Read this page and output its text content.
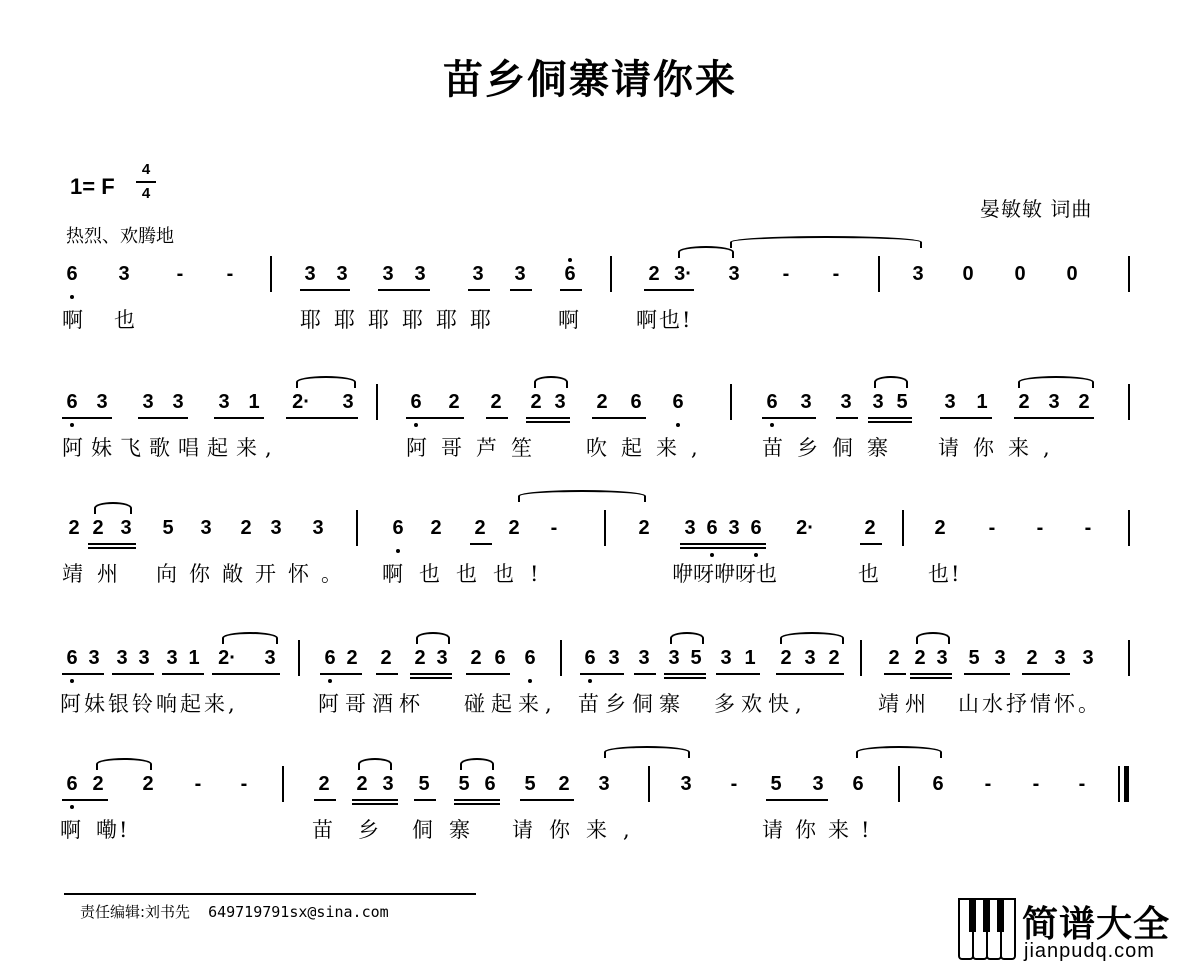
苗乡侗寨请你来
1= F
4
4
热烈、欢腾地
晏敏敏 词曲
6 3	-	-	3 3 3 3 3 3 6	2 3·	3	-	-	3 0 0 0
啊 也	耶耶耶耶耶耶	啊 啊也!
6 3 3 3 3 1	2·	3	6 2 2 2 3 2 6 6	6 3 3 3 5 3 1 2 3 2
阿妹飞歌唱起来,	阿哥芦笙 吹起来, 苗乡侗寨 请你来,
2 2 3 5 3 2 3 3	6 2 2 2	-	2 3 6 3 6	2·	2	2	-	-	-
靖州 向你敞开怀。 啊也也也!	咿呀咿呀也	也 也!
6 3 3 3 3 1 2·	3 6 2 2 2 3 2 6 6 6 3 3 3 5 3 1 2 3 2 2 2 3 5 3 2 3 3
阿妹银铃响起来,	阿哥酒杯 碰起来, 苗乡侗寨 多欢快,	靖州 山水抒情怀。
6 2 2	-	-	2 2 3 5 5 6 5 2 3	3	-	5 3 6	6	-	-	-
啊 嘞!	苗 乡 侗寨 请你来,	请你来!
责任编辑:刘书先 649719791sx@sina.com	简谱大全
jianpudq.com
